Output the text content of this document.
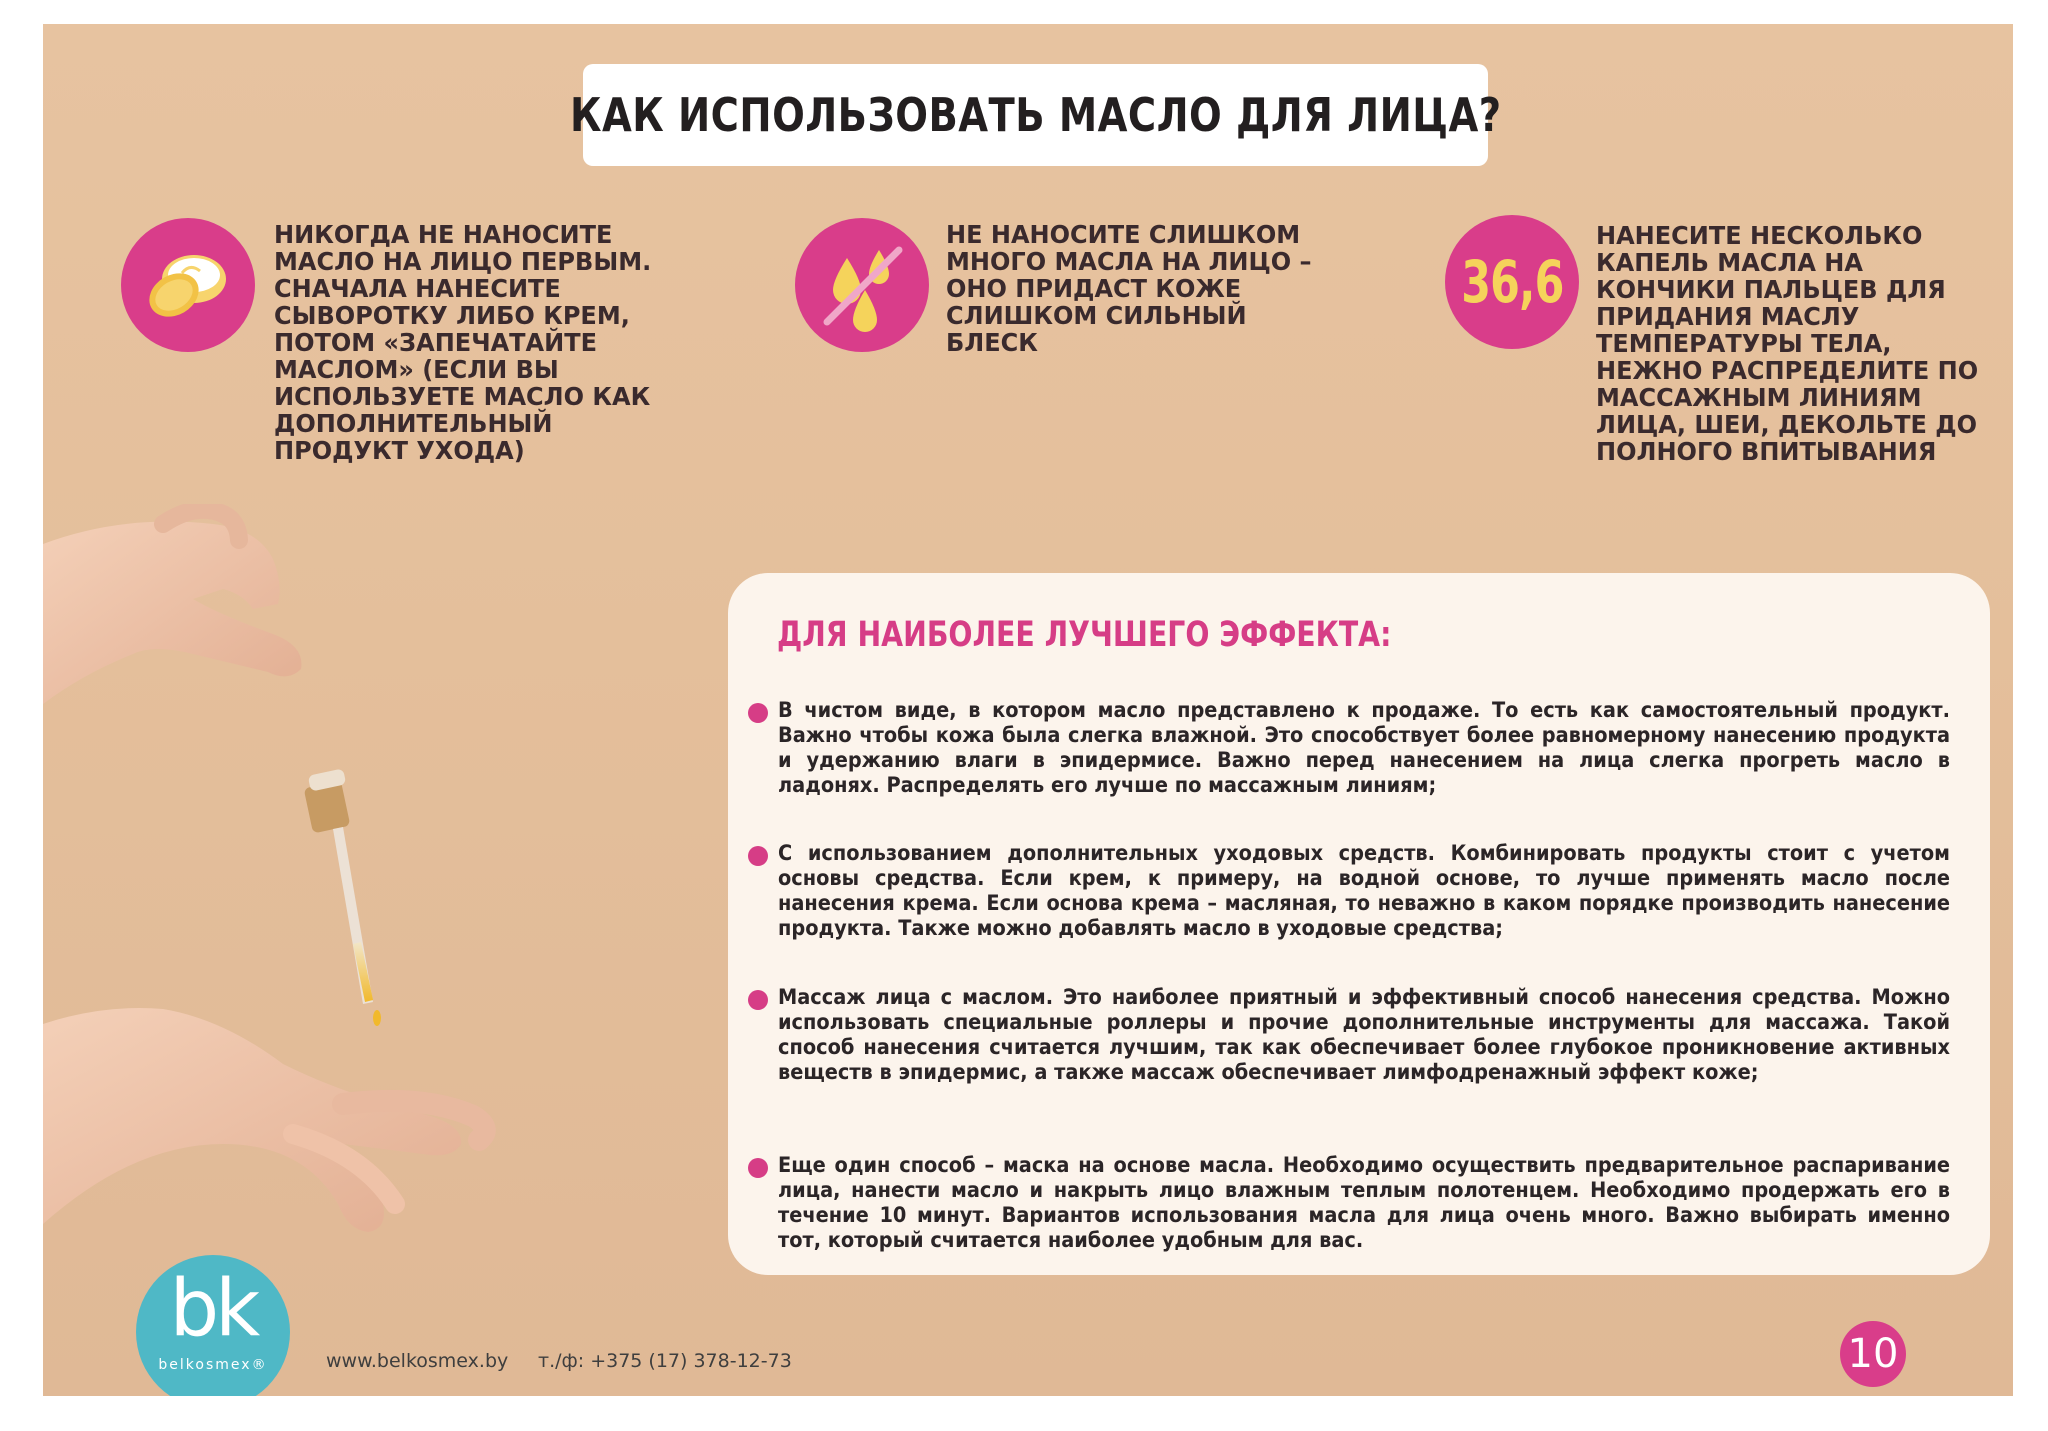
КАК ИСПОЛЬЗОВАТЬ МАСЛО ДЛЯ ЛИЦА?

НИКОГДА НЕ НАНОСИТЕ МАСЛО НА ЛИЦО ПЕРВЫМ. СНАЧАЛА НАНЕСИТЕ СЫВОРОТКУ ЛИБО КРЕМ, ПОТОМ «ЗАПЕЧАТАЙТЕ МАСЛОМ» (ЕСЛИ ВЫ ИСПОЛЬЗУЕТЕ МАСЛО КАК ДОПОЛНИТЕЛЬНЫЙ ПРОДУКТ УХОДА)

НЕ НАНОСИТЕ СЛИШКОМ МНОГО МАСЛА НА ЛИЦО – ОНО ПРИДАСТ КОЖЕ СЛИШКОМ СИЛЬНЫЙ БЛЕСК

36,6

НАНЕСИТЕ НЕСКОЛЬКО КАПЕЛЬ МАСЛА НА КОНЧИКИ ПАЛЬЦЕВ ДЛЯ ПРИДАНИЯ МАСЛУ ТЕМПЕРАТУРЫ ТЕЛА, НЕЖНО РАСПРЕДЕЛИТЕ ПО МАССАЖНЫМ ЛИНИЯМ ЛИЦА, ШЕИ, ДЕКОЛЬТЕ ДО ПОЛНОГО ВПИТЫВАНИЯ

ДЛЯ НАИБОЛЕЕ ЛУЧШЕГО ЭФФЕКТА:

В чистом виде, в котором масло представлено к продаже. То есть как самостоятельный продукт. Важно чтобы кожа была слегка влажной. Это способствует более равномерному нанесению продукта и удержанию влаги в эпидермисе. Важно перед нанесением на лица слегка прогреть масло в ладонях. Распределять его лучше по массажным линиям;

С использованием дополнительных уходовых средств. Комбинировать продукты стоит с учетом основы средства. Если крем, к примеру, на водной основе, то лучше применять масло после нанесения крема. Если основа крема – масляная, то неважно в каком порядке производить нанесение продукта. Также можно добавлять масло в уходовые средства;

Массаж лица с маслом. Это наиболее приятный и эффективный способ нанесения средства. Можно использовать специальные роллеры и прочие дополнительные инструменты для массажа. Такой способ нанесения считается лучшим, так как обеспечивает более глубокое проникновение активных веществ в эпидермис, а также массаж обеспечивает лимфодренажный эффект коже;

Еще один способ – маска на основе масла. Необходимо осуществить предварительное распаривание лица, нанести масло и накрыть лицо влажным теплым полотенцем. Необходимо продержать его в течение 10 минут. Вариантов использования масла для лица очень много. Важно выбирать именно тот, который считается наиболее удобным для вас.

bk
belkosmex®	www.belkosmex.by т./ф: +375 (17) 378-12-73	10
